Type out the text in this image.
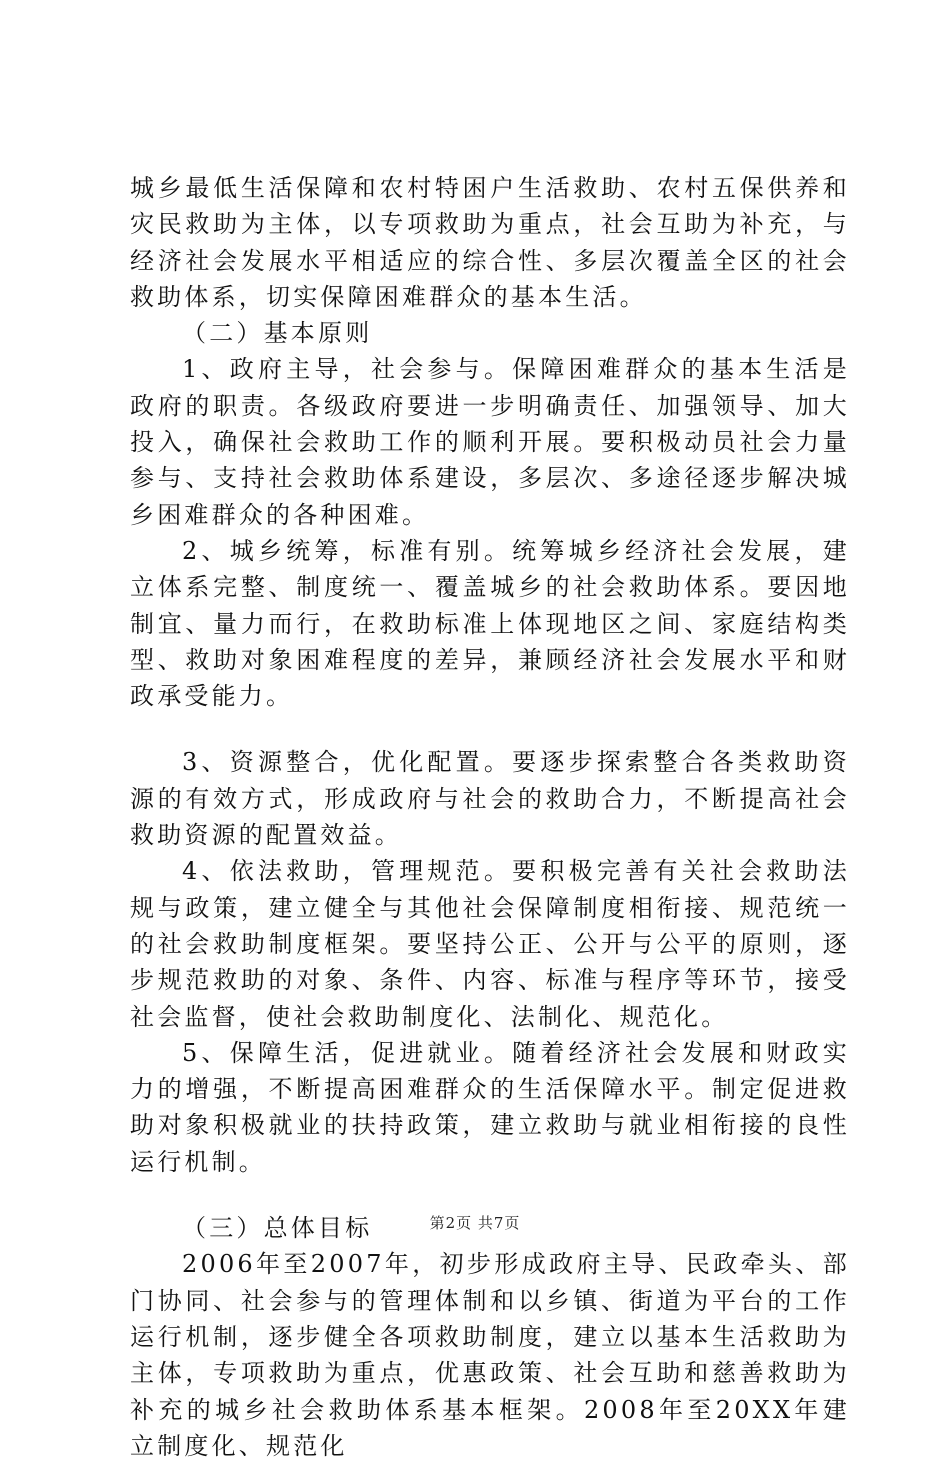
城乡最低生活保障和农村特困户生活救助、农村五保供养和灾民救助为主体，以专项救助为重点，社会互助为补充，与经济社会发展水平相适应的综合性、多层次覆盖全区的社会救助体系，切实保障困难群众的基本生活。

（二）基本原则

1、政府主导，社会参与。保障困难群众的基本生活是政府的职责。各级政府要进一步明确责任、加强领导、加大投入，确保社会救助工作的顺利开展。要积极动员社会力量参与、支持社会救助体系建设，多层次、多途径逐步解决城乡困难群众的各种困难。

2、城乡统筹，标准有别。统筹城乡经济社会发展，建立体系完整、制度统一、覆盖城乡的社会救助体系。要因地制宜、量力而行，在救助标准上体现地区之间、家庭结构类型、救助对象困难程度的差异，兼顾经济社会发展水平和财政承受能力。

3、资源整合，优化配置。要逐步探索整合各类救助资源的有效方式，形成政府与社会的救助合力，不断提高社会救助资源的配置效益。

4、依法救助，管理规范。要积极完善有关社会救助法规与政策，建立健全与其他社会保障制度相衔接、规范统一的社会救助制度框架。要坚持公正、公开与公平的原则，逐步规范救助的对象、条件、内容、标准与程序等环节，接受社会监督，使社会救助制度化、法制化、规范化。

5、保障生活，促进就业。随着经济社会发展和财政实力的增强，不断提高困难群众的生活保障水平。制定促进救助对象积极就业的扶持政策，建立救助与就业相衔接的良性运行机制。

（三）总体目标

2006年至2007年，初步形成政府主导、民政牵头、部门协同、社会参与的管理体制和以乡镇、街道为平台的工作运行机制，逐步健全各项救助制度，建立以基本生活救助为主体，专项救助为重点，优惠政策、社会互助和慈善救助为补充的城乡社会救助体系基本框架。2008年至20XX年建立制度化、规范化

第2页 共7页
